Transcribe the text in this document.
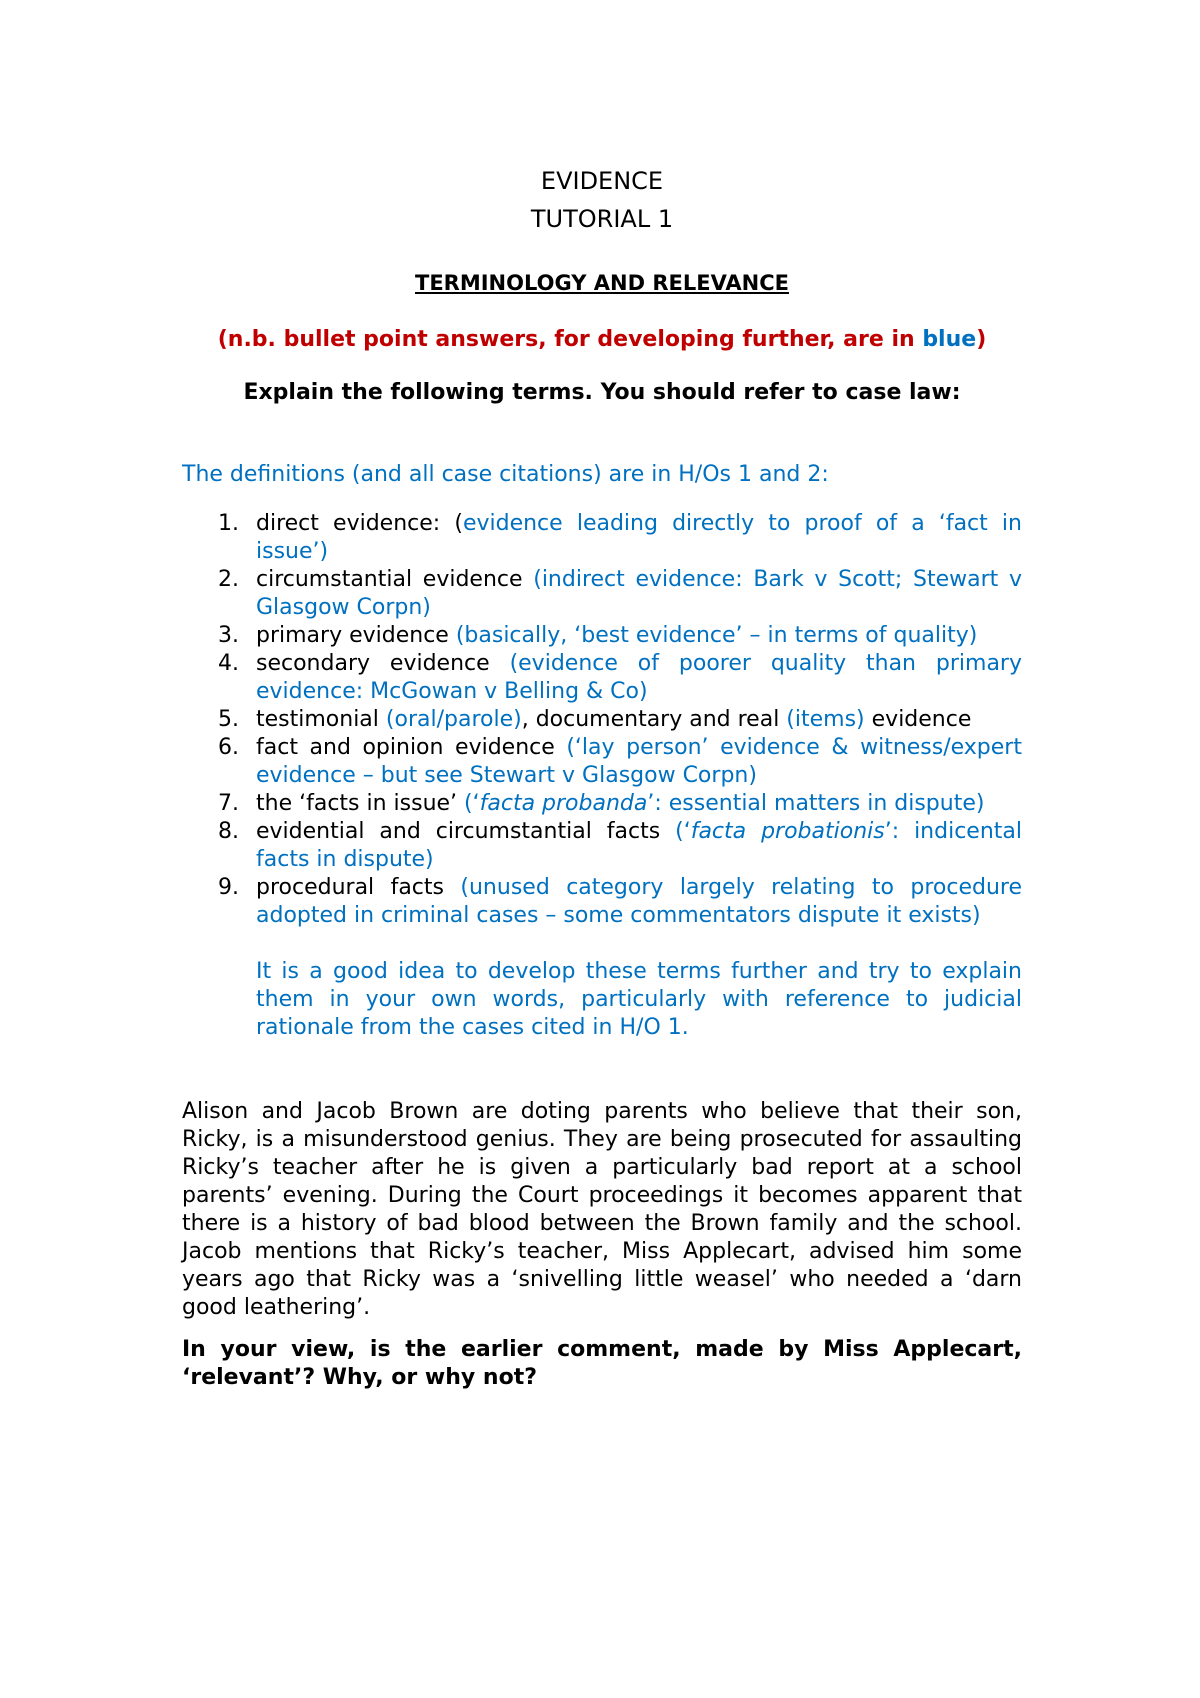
EVIDENCE

TUTORIAL 1

TERMINOLOGY AND RELEVANCE

(n.b. bullet point answers, for developing further, are in blue)

Explain the following terms. You should refer to case law:

The definitions (and all case citations) are in H/Os 1 and 2:

1. direct evidence: (evidence leading directly to proof of a ‘fact in issue’)
2. circumstantial evidence (indirect evidence: Bark v Scott; Stewart v Glasgow Corpn)
3. primary evidence (basically, ‘best evidence’ – in terms of quality)
4. secondary evidence (evidence of poorer quality than primary evidence: McGowan v Belling & Co)
5. testimonial (oral/parole), documentary and real (items) evidence
6. fact and opinion evidence (‘lay person’ evidence & witness/expert evidence – but see Stewart v Glasgow Corpn)
7. the ‘facts in issue’ (‘facta probanda’: essential matters in dispute)
8. evidential and circumstantial facts (‘facta probationis’: indicental facts in dispute)
9. procedural facts (unused category largely relating to procedure adopted in criminal cases – some commentators dispute it exists)

It is a good idea to develop these terms further and try to explain them in your own words, particularly with reference to judicial rationale from the cases cited in H/O 1.

Alison and Jacob Brown are doting parents who believe that their son, Ricky, is a misunderstood genius. They are being prosecuted for assaulting Ricky’s teacher after he is given a particularly bad report at a school parents’ evening. During the Court proceedings it becomes apparent that there is a history of bad blood between the Brown family and the school. Jacob mentions that Ricky’s teacher, Miss Applecart, advised him some years ago that Ricky was a ‘snivelling little weasel’ who needed a ‘darn good leathering’.

In your view, is the earlier comment, made by Miss Applecart, ‘relevant’? Why, or why not?
